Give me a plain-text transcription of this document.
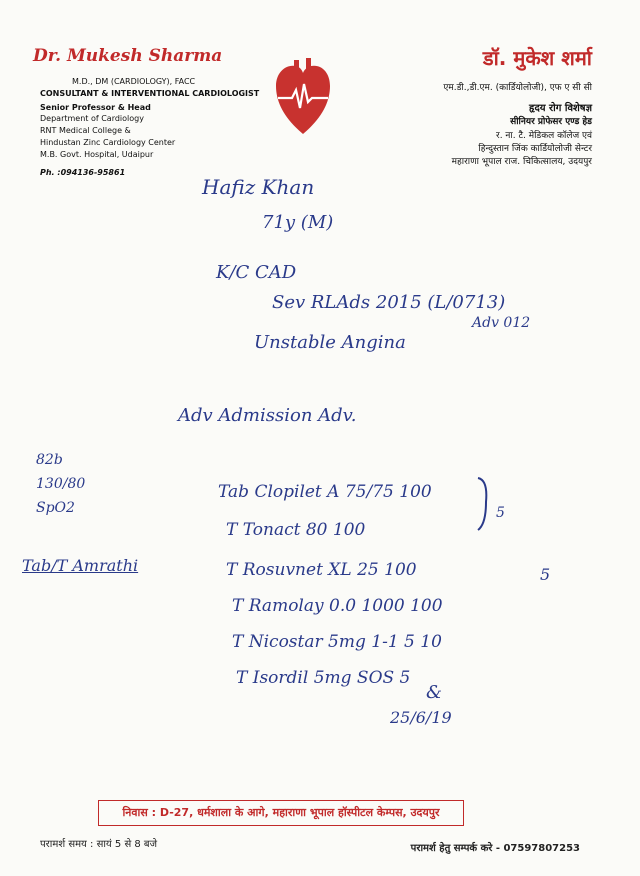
Dr. Mukesh Sharma
M.D., DM (CARDIOLOGY), FACC
CONSULTANT & INTERVENTIONAL CARDIOLOGIST
Senior Professor & Head
Department of Cardiology
RNT Medical College &
Hindustan Zinc Cardiology Center
M.B. Govt. Hospital, Udaipur
Ph. :094136-95861
डॉ. मुकेश शर्मा
एम.डी.,डी.एम. (कार्डियोलोजी), एफ ए सी सी
हृदय रोग विशेषज्ञ
सीनियर प्रोफेसर एण्ड हेड
र. ना. टै. मेडिकल कॉलेज एवं
हिन्दुस्तान जिंक कार्डियोलोजी सेन्टर
महाराणा भूपाल राज. चिकित्सालय, उदयपुर
Hafiz Khan
71y (M)
K/C CAD
Sev RLAds 2015 (L/0713)
Adv 012
Unstable Angina
Adv Admission Adv.
82b
130/80
SpO2
Tab/T Amrathi
Tab Clopilet A 75/75 100
T Tonact 80 100
T Rosuvnet XL 25 100
T Ramolay 0.0 1000 100
T Nicostar 5mg 1-1 5 10
T Isordil 5mg SOS 5
5
5
&
25/6/19
निवास : D-27, धर्मशाला के आगे, महाराणा भूपाल हॉस्पीटल केम्पस, उदयपुर
परामर्श समय : सायं 5 से 8 बजे	परामर्श हेतु सम्पर्क करे - 07597807253
